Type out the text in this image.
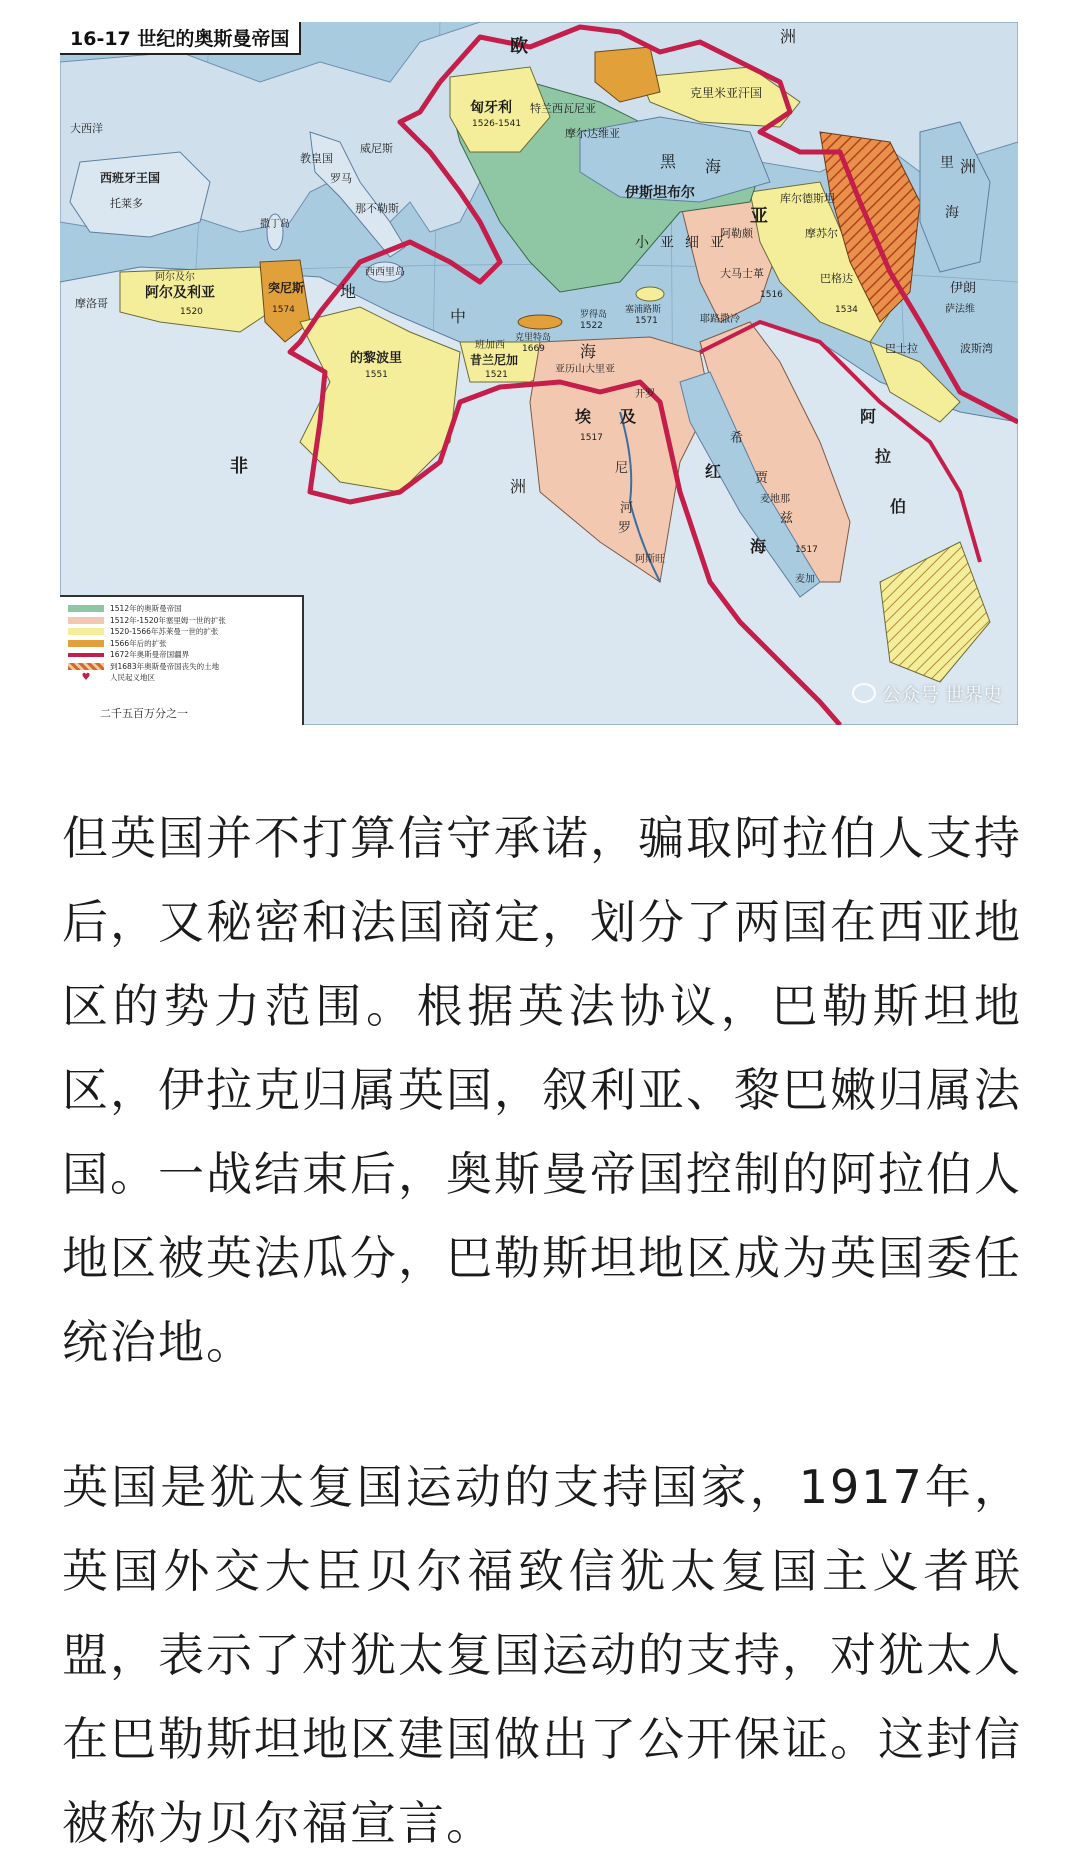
欧	洲
亚
洲
非
洲
匈牙利
1526-1541
特兰西瓦尼亚
摩尔达维亚
克里米亚汗国
黑 海	里
海
伊斯坦布尔
小 亚 细 亚
克里特岛
1669
塞浦路斯
1571
罗得岛
1522
西西里岛
撒丁岛
那不勒斯
罗马
威尼斯
教皇国
西班牙王国
托莱多
阿尔及利亚
阿尔及尔
1520
突尼斯
1574
的黎波里
1551
昔兰尼加
1521
班加西
埃 及
1517
开罗
亚历山大里亚
阿斯旺
尼
罗
河
红
海
希
贾
兹
麦加
麦地那
1517
阿
拉
伯
波斯湾
巴格达
摩苏尔
库尔德斯坦
巴士拉
大马士革
耶路撒冷
阿勒颇
1516
1534
伊朗
萨法维
地
中
海
大西洋
摩洛哥
16-17 世纪的奥斯曼帝国
1512年的奥斯曼帝国
1512年-1520年塞里姆一世的扩张
1520-1566年苏莱曼一世的扩张
1566年后的扩张
1672年奥斯曼帝国疆界
到1683年奥斯曼帝国丧失的土地
♥	人民起义地区
二千五百万分之一
公众号 世界史

但英国并不打算信守承诺，骗取阿拉伯人支持后，又秘密和法国商定，划分了两国在西亚地区的势力范围。根据英法协议，巴勒斯坦地区，伊拉克归属英国，叙利亚、黎巴嫩归属法国。一战结束后，奥斯曼帝国控制的阿拉伯人地区被英法瓜分，巴勒斯坦地区成为英国委任统治地。

英国是犹太复国运动的支持国家，1917年，英国外交大臣贝尔福致信犹太复国主义者联盟，表示了对犹太复国运动的支持，对犹太人在巴勒斯坦地区建国做出了公开保证。这封信被称为贝尔福宣言。
